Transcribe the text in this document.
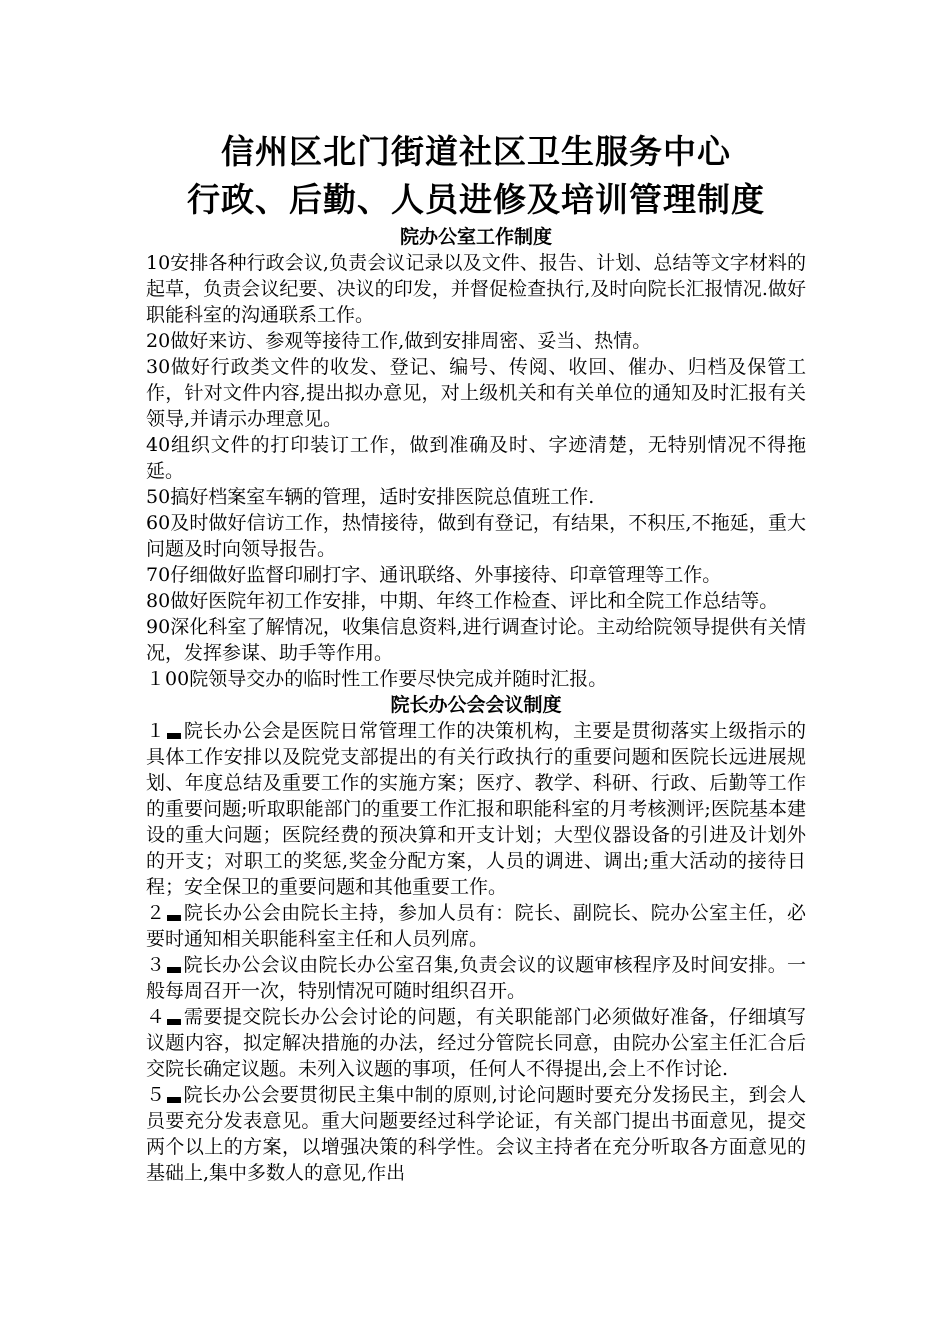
信州区北门街道社区卫生服务中心
行政、后勤、人员进修及培训管理制度
院办公室工作制度

10安排各种行政会议,负责会议记录以及文件、报告、计划、总结等文字材料的起草，负责会议纪要、决议的印发，并督促检查执行,及时向院长汇报情况.做好职能科室的沟通联系工作。

20做好来访、参观等接待工作,做到安排周密、妥当、热情。

30做好行政类文件的收发、登记、编号、传阅、收回、催办、归档及保管工作，针对文件内容,提出拟办意见，对上级机关和有关单位的通知及时汇报有关领导,并请示办理意见。

40组织文件的打印装订工作，做到准确及时、字迹清楚，无特别情况不得拖延。

50搞好档案室车辆的管理，适时安排医院总值班工作.

60及时做好信访工作，热情接待，做到有登记，有结果，不积压,不拖延，重大问题及时向领导报告。

70仔细做好监督印刷打字、通讯联络、外事接待、印章管理等工作。

80做好医院年初工作安排，中期、年终工作检查、评比和全院工作总结等。

90深化科室了解情况，收集信息资料,进行调查讨论。主动给院领导提供有关情况，发挥参谋、助手等作用。

１00院领导交办的临时性工作要尽快完成并随时汇报。

院长办公会会议制度

１ 院长办公会是医院日常管理工作的决策机构，主要是贯彻落实上级指示的具体工作安排以及院党支部提出的有关行政执行的重要问题和医院长远进展规划、年度总结及重要工作的实施方案；医疗、教学、科研、行政、后勤等工作的重要问题;听取职能部门的重要工作汇报和职能科室的月考核测评;医院基本建设的重大问题；医院经费的预决算和开支计划；大型仪器设备的引进及计划外的开支；对职工的奖惩,奖金分配方案，人员的调进、调出;重大活动的接待日程；安全保卫的重要问题和其他重要工作。

２ 院长办公会由院长主持，参加人员有：院长、副院长、院办公室主任，必要时通知相关职能科室主任和人员列席。

３ 院长办公会议由院长办公室召集,负责会议的议题审核程序及时间安排。一般每周召开一次，特别情况可随时组织召开。

４ 需要提交院长办公会讨论的问题，有关职能部门必须做好准备，仔细填写议题内容，拟定解决措施的办法，经过分管院长同意，由院办公室主任汇合后交院长确定议题。未列入议题的事项，任何人不得提出,会上不作讨论.

５ 院长办公会要贯彻民主集中制的原则,讨论问题时要充分发扬民主，到会人员要充分发表意见。重大问题要经过科学论证，有关部门提出书面意见，提交两个以上的方案，以增强决策的科学性。会议主持者在充分听取各方面意见的基础上,集中多数人的意见,作出
